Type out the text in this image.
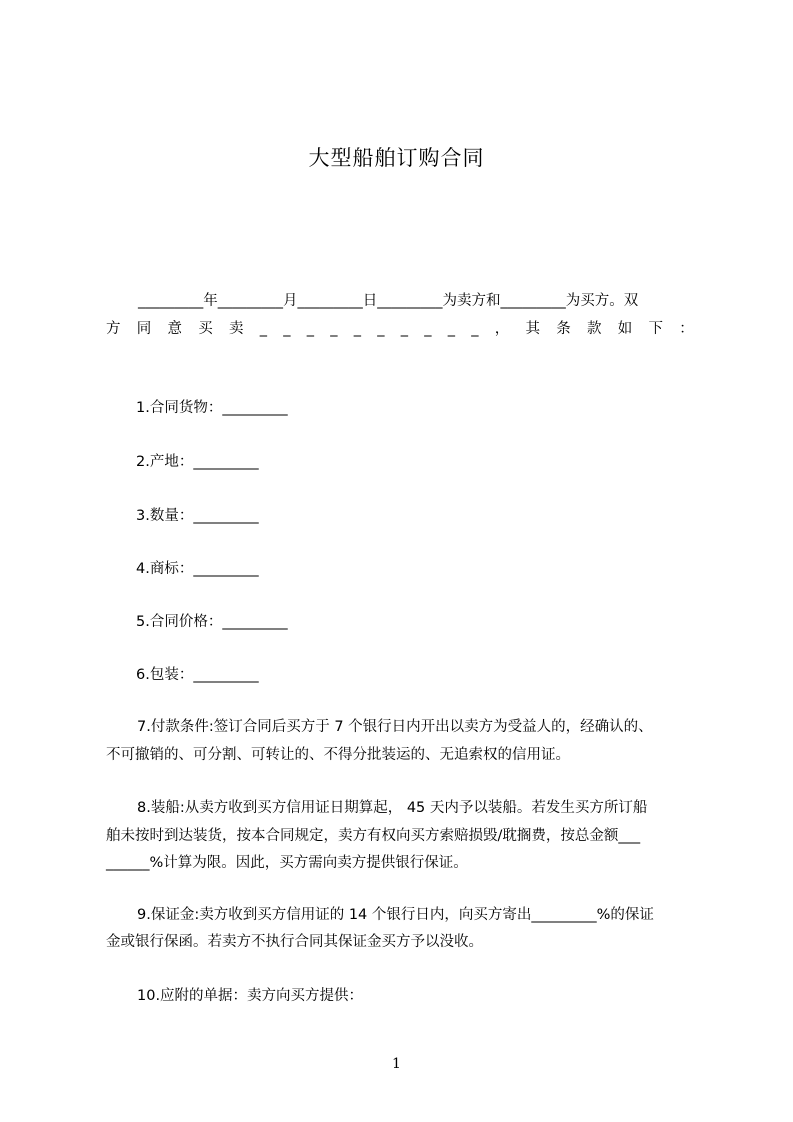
大型船舶订购合同
_________年_________月_________日_________为卖方和_________为买方。双
方 同 意 买 卖 _ _ _ _ _ _ _ _ _ _ ， 其 条 款 如 下 ：
1.合同货物：_________
2.产地：_________
3.数量：_________
4.商标：_________
5.合同价格：_________
6.包装：_________
7.付款条件:签订合同后买方于 7 个银行日内开出以卖方为受益人的，经确认的、
不可撤销的、可分割、可转让的、不得分批装运的、无追索权的信用证。
8.装船:从卖方收到买方信用证日期算起， 45 天内予以装船。若发生买方所订船
舶未按时到达装货，按本合同规定，卖方有权向买方索赔损毁/耽搁费，按总金额___
______%计算为限。因此，买方需向卖方提供银行保证。
9.保证金:卖方收到买方信用证的 14 个银行日内，向买方寄出_________%的保证
金或银行保函。若卖方不执行合同其保证金买方予以没收。
10.应附的单据：卖方向买方提供：
1
